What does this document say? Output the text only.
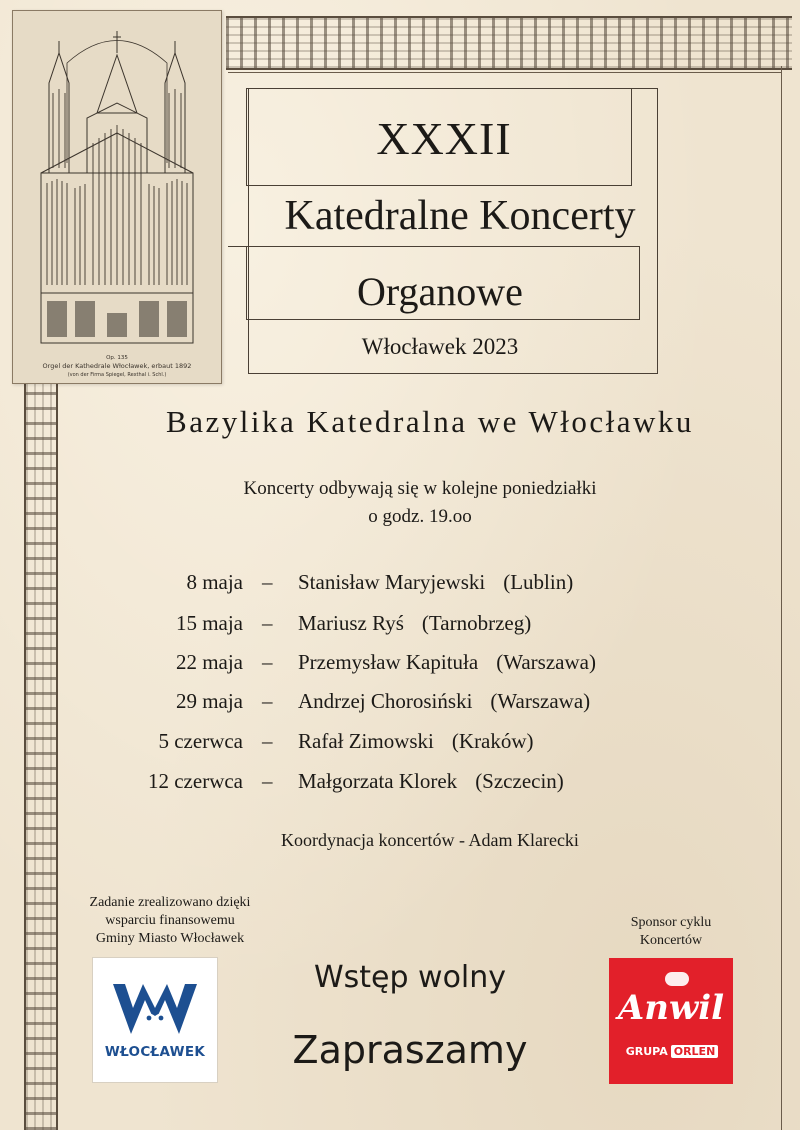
Op. 135
Orgel der Kathedrale Włocławek, erbaut 1892
(von der Firma Spiegel, Rexthal i. Schl.)
XXXII
Katedralne Koncerty
Organowe
Włocławek 2023
Bazylika Katedralna we Włocławku
Koncerty odbywają się w kolejne poniedziałki
o godz. 19.oo
8 maja – Stanisław Maryjewski (Lublin)
15 maja – Mariusz Ryś (Tarnobrzeg)
22 maja – Przemysław Kapituła (Warszawa)
29 maja – Andrzej Chorosiński (Warszawa)
5 czerwca – Rafał Zimowski (Kraków)
12 czerwca – Małgorzata Klorek (Szczecin)
Koordynacja koncertów - Adam Klarecki
Zadanie zrealizowano dzięki
wsparciu finansowemu
Gminy Miasto Włocławek
Sponsor cyklu
Koncertów
WŁOCŁAWEK
Anwil
GRUPA ORLEN
Wstęp wolny
Zapraszamy
